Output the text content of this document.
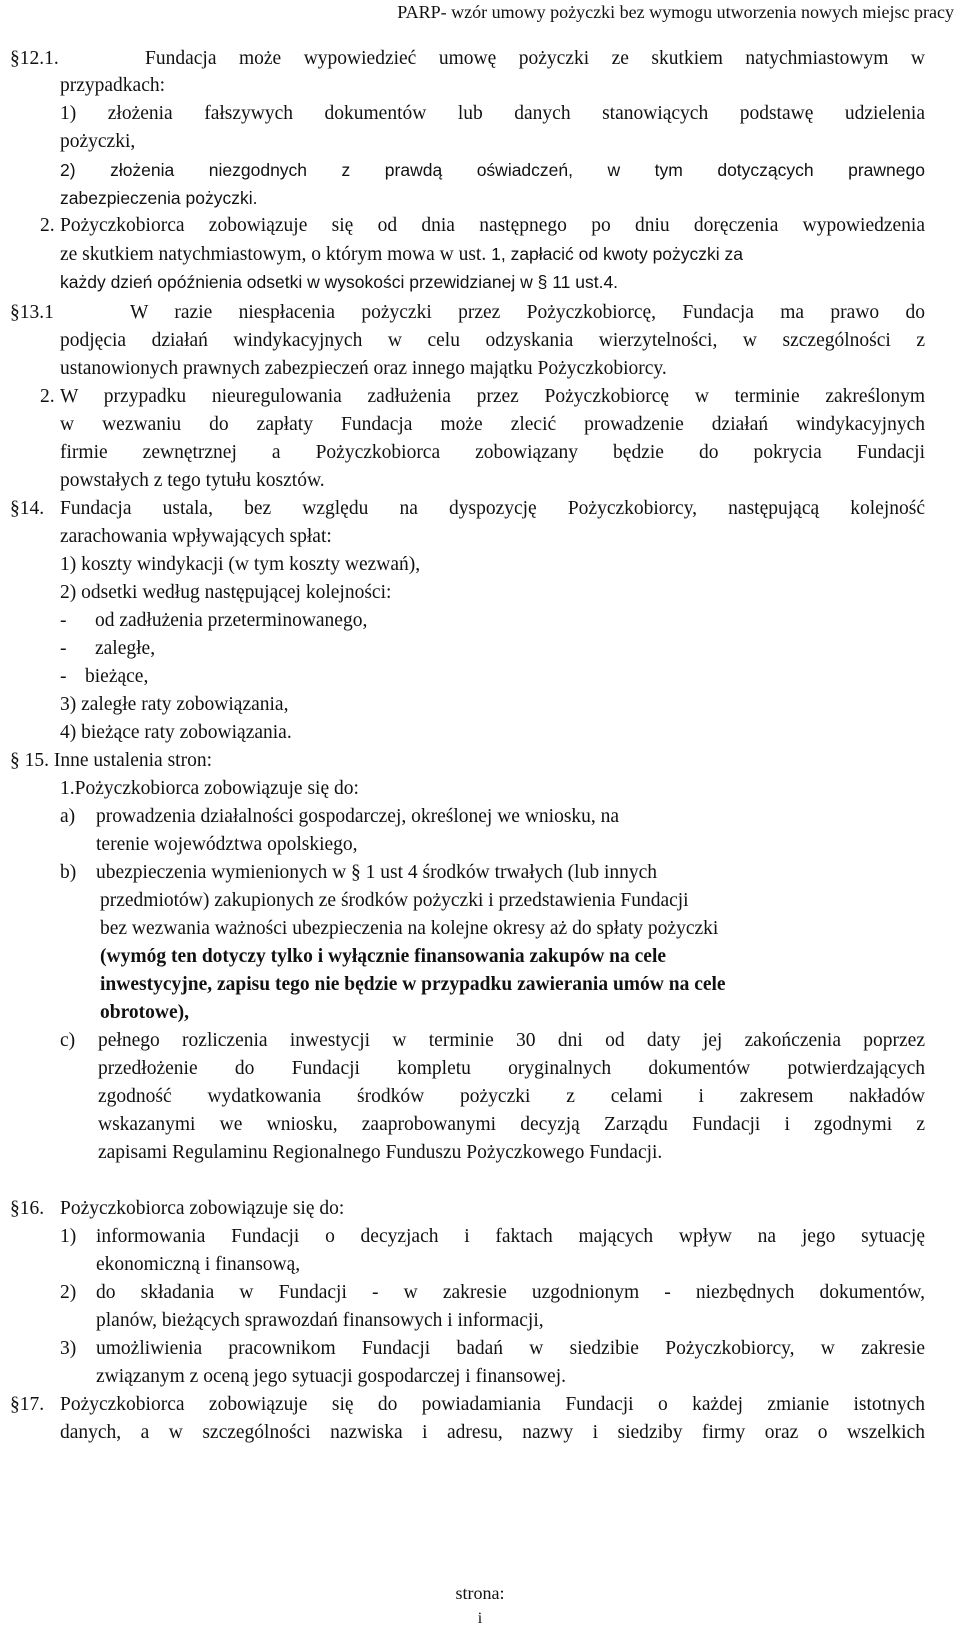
PARP- wzór umowy pożyczki bez wymogu utworzenia nowych miejsc pracy
§12.1.	Fundacja może wypowiedzieć umowę pożyczki ze skutkiem natychmiastowym w
przypadkach:
1) złożenia fałszywych dokumentów lub danych stanowiących podstawę udzielenia
pożyczki,
2) złożenia niezgodnych z prawdą oświadczeń, w tym dotyczących prawnego
zabezpieczenia pożyczki.
2. Pożyczkobiorca zobowiązuje się od dnia następnego po dniu doręczenia wypowiedzenia
ze skutkiem natychmiastowym, o którym mowa w ust. 1, zapłacić od kwoty pożyczki za
każdy dzień opóźnienia odsetki w wysokości przewidzianej w § 11 ust.4.
§13.1	W razie niespłacenia pożyczki przez Pożyczkobiorcę, Fundacja ma prawo do
podjęcia działań windykacyjnych w celu odzyskania wierzytelności, w szczególności z
ustanowionych prawnych zabezpieczeń oraz innego majątku Pożyczkobiorcy.
2. W przypadku nieuregulowania zadłużenia przez Pożyczkobiorcę w terminie zakreślonym
w wezwaniu do zapłaty Fundacja może zlecić prowadzenie działań windykacyjnych
firmie zewnętrznej a Pożyczkobiorca zobowiązany będzie do pokrycia Fundacji
powstałych z tego tytułu kosztów.
§14. Fundacja ustala, bez względu na dyspozycję Pożyczkobiorcy, następującą kolejność
zarachowania wpływających spłat:
1) koszty windykacji (w tym koszty wezwań),
2) odsetki według następującej kolejności:
- od zadłużenia przeterminowanego,
- zaległe,
- bieżące,
3) zaległe raty zobowiązania,
4) bieżące raty zobowiązania.
§ 15. Inne ustalenia stron:
1.Pożyczkobiorca zobowiązuje się do:
a) prowadzenia działalności gospodarczej, określonej we wniosku, na
terenie województwa opolskiego,
b) ubezpieczenia wymienionych w § 1 ust 4 środków trwałych (lub innych
przedmiotów) zakupionych ze środków pożyczki i przedstawienia Fundacji
bez wezwania ważności ubezpieczenia na kolejne okresy aż do spłaty pożyczki
(wymóg ten dotyczy tylko i wyłącznie finansowania zakupów na cele
inwestycyjne, zapisu tego nie będzie w przypadku zawierania umów na cele
obrotowe),
c) pełnego rozliczenia inwestycji w terminie 30 dni od daty jej zakończenia poprzez
przedłożenie do Fundacji kompletu oryginalnych dokumentów potwierdzających
zgodność wydatkowania środków pożyczki z celami i zakresem nakładów
wskazanymi we wniosku, zaaprobowanymi decyzją Zarządu Fundacji i zgodnymi z
zapisami Regulaminu Regionalnego Funduszu Pożyczkowego Fundacji.
§16. Pożyczkobiorca zobowiązuje się do:
1) informowania Fundacji o decyzjach i faktach mających wpływ na jego sytuację
ekonomiczną i finansową,
2) do składania w Fundacji - w zakresie uzgodnionym - niezbędnych dokumentów,
planów, bieżących sprawozdań finansowych i informacji,
3) umożliwienia pracownikom Fundacji badań w siedzibie Pożyczkobiorcy, w zakresie
związanym z oceną jego sytuacji gospodarczej i finansowej.
§17. Pożyczkobiorca zobowiązuje się do powiadamiania Fundacji o każdej zmianie istotnych
danych, a w szczególności nazwiska i adresu, nazwy i siedziby firmy oraz o wszelkich
strona:
i
